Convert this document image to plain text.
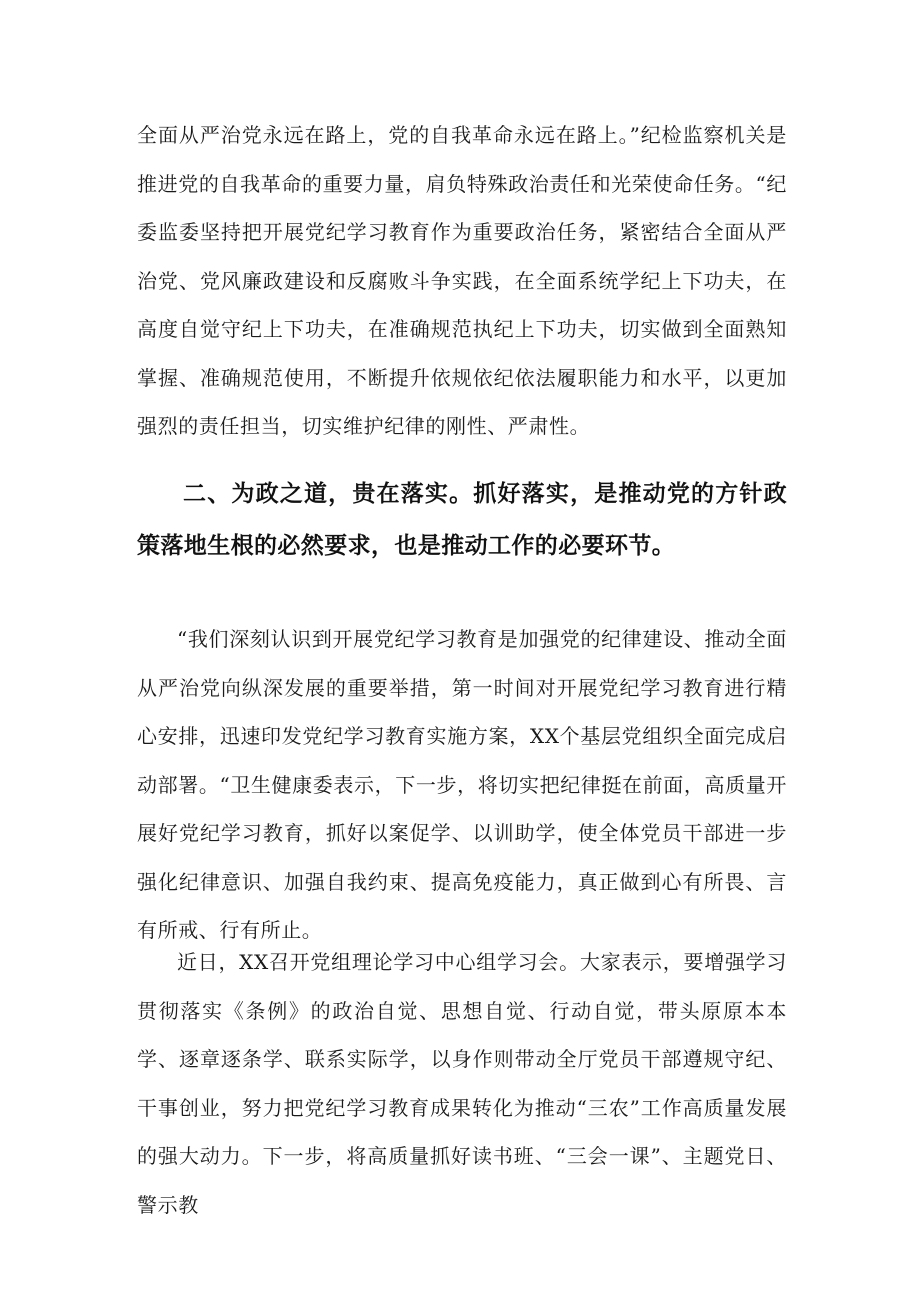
全面从严治党永远在路上，党的自我革命永远在路上。”纪检监察机关是推进党的自我革命的重要力量，肩负特殊政治责任和光荣使命任务。“纪委监委坚持把开展党纪学习教育作为重要政治任务，紧密结合全面从严治党、党风廉政建设和反腐败斗争实践，在全面系统学纪上下功夫，在高度自觉守纪上下功夫，在准确规范执纪上下功夫，切实做到全面熟知掌握、准确规范使用，不断提升依规依纪依法履职能力和水平，以更加强烈的责任担当，切实维护纪律的刚性、严肃性。

二、为政之道，贵在落实。抓好落实，是推动党的方针政策落地生根的必然要求，也是推动工作的必要环节。

“我们深刻认识到开展党纪学习教育是加强党的纪律建设、推动全面从严治党向纵深发展的重要举措，第一时间对开展党纪学习教育进行精心安排，迅速印发党纪学习教育实施方案，XX个基层党组织全面完成启动部署。“卫生健康委表示，下一步，将切实把纪律挺在前面，高质量开展好党纪学习教育，抓好以案促学、以训助学，使全体党员干部进一步强化纪律意识、加强自我约束、提高免疫能力，真正做到心有所畏、言有所戒、行有所止。

近日，XX召开党组理论学习中心组学习会。大家表示，要增强学习贯彻落实《条例》的政治自觉、思想自觉、行动自觉，带头原原本本学、逐章逐条学、联系实际学，以身作则带动全厅党员干部遵规守纪、干事创业，努力把党纪学习教育成果转化为推动“三农”工作高质量发展的强大动力。下一步，将高质量抓好读书班、“三会一课”、主题党日、警示教
